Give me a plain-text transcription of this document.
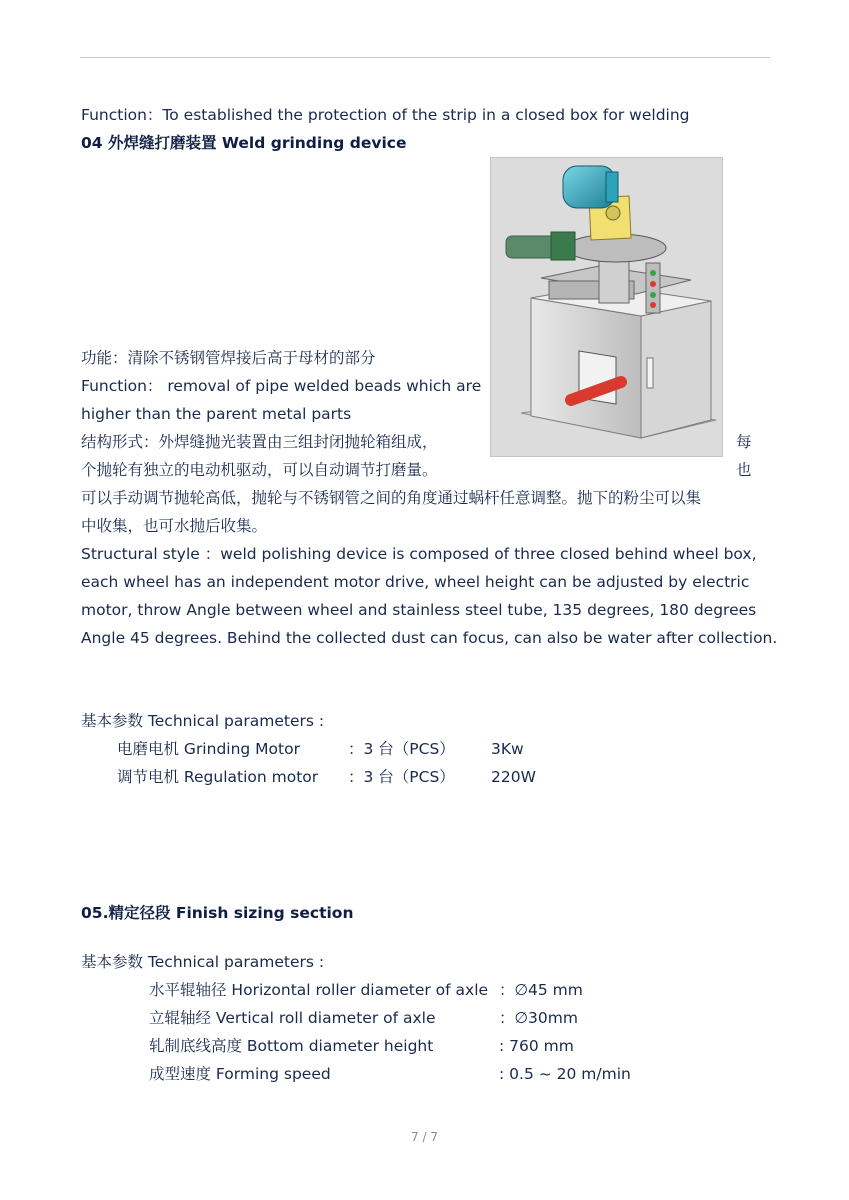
Function：To established the protection of the strip in a closed box for welding
04 外焊缝打磨装置 Weld grinding device
功能：清除不锈钢管焊接后高于母材的部分
Function： removal of pipe welded beads which are
higher than the parent metal parts
结构形式：外焊缝抛光装置由三组封闭抛轮箱组成，	每
个抛轮有独立的电动机驱动，可以自动调节打磨量。	也
可以手动调节抛轮高低，抛轮与不锈钢管之间的角度通过蜗杆任意调整。抛下的粉尘可以集
中收集，也可水抛后收集。
Structural style ：weld polishing device is composed of three closed behind wheel box,
each wheel has an independent motor drive, wheel height can be adjusted by electric
motor, throw Angle between wheel and stainless steel tube, 135 degrees, 180 degrees
Angle 45 degrees. Behind the collected dust can focus, can also be water after collection.
基本参数 Technical parameters :
电磨电机 Grinding Motor	：3 台（PCS） 3Kw
调节电机 Regulation motor ：3 台（PCS） 220W
05.精定径段 Finish sizing section
基本参数 Technical parameters :
水平辊轴径 Horizontal roller diameter of axle ：∅45 mm
立辊轴经 Vertical roll diameter of axle	：∅30mm
轧制底线高度 Bottom diameter height	: 760 mm
成型速度 Forming speed	: 0.5 ~ 20 m/min
7 / 7
